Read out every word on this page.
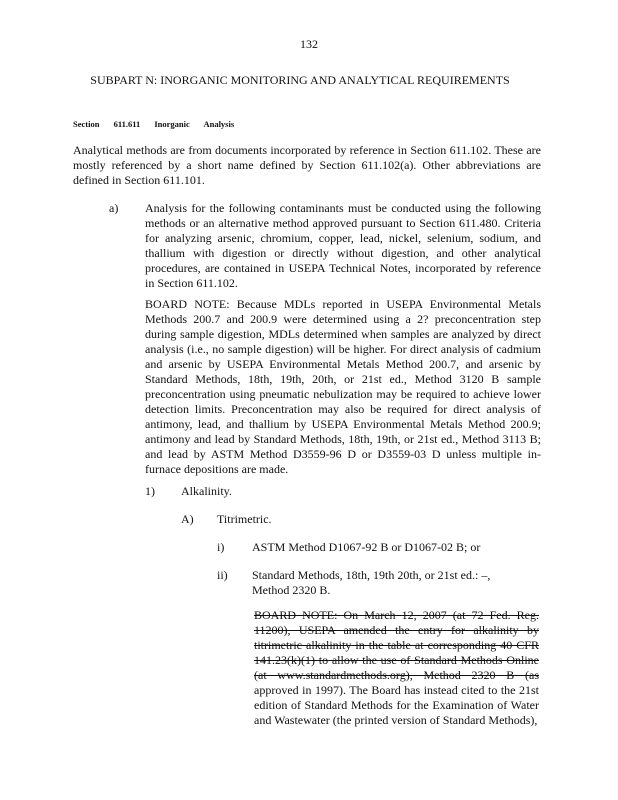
132
SUBPART N: INORGANIC MONITORING AND ANALYTICAL REQUIREMENTS
Section 611.611 Inorganic Analysis
Analytical methods are from documents incorporated by reference in Section 611.102. These are mostly referenced by a short name defined by Section 611.102(a). Other abbreviations are defined in Section 611.101.
a) Analysis for the following contaminants must be conducted using the following methods or an alternative method approved pursuant to Section 611.480. Criteria for analyzing arsenic, chromium, copper, lead, nickel, selenium, sodium, and thallium with digestion or directly without digestion, and other analytical procedures, are contained in USEPA Technical Notes, incorporated by reference in Section 611.102.
BOARD NOTE: Because MDLs reported in USEPA Environmental Metals Methods 200.7 and 200.9 were determined using a 2? preconcentration step during sample digestion, MDLs determined when samples are analyzed by direct analysis (i.e., no sample digestion) will be higher. For direct analysis of cadmium and arsenic by USEPA Environmental Metals Method 200.7, and arsenic by Standard Methods, 18th, 19th, 20th, or 21st ed., Method 3120 B sample preconcentration using pneumatic nebulization may be required to achieve lower detection limits. Preconcentration may also be required for direct analysis of antimony, lead, and thallium by USEPA Environmental Metals Method 200.9; antimony and lead by Standard Methods, 18th, 19th, or 21st ed., Method 3113 B; and lead by ASTM Method D3559-96 D or D3559-03 D unless multiple in-furnace depositions are made.
1) Alkalinity.
A) Titrimetric.
i) ASTM Method D1067-92 B or D1067-02 B; or
ii) Standard Methods, 18th, 19th 20th, or 21st ed.: –, Method 2320 B.
BOARD NOTE: On March 12, 2007 (at 72 Fed. Reg. 11200), USEPA amended the entry for alkalinity by titrimetric alkalinity in the table at corresponding 40 CFR 141.23(k)(1) to allow the use of Standard Methods Online (at www.standardmethods.org), Method 2320 B (as approved in 1997). The Board has instead cited to the 21st edition of Standard Methods for the Examination of Water and Wastewater (the printed version of Standard Methods),
